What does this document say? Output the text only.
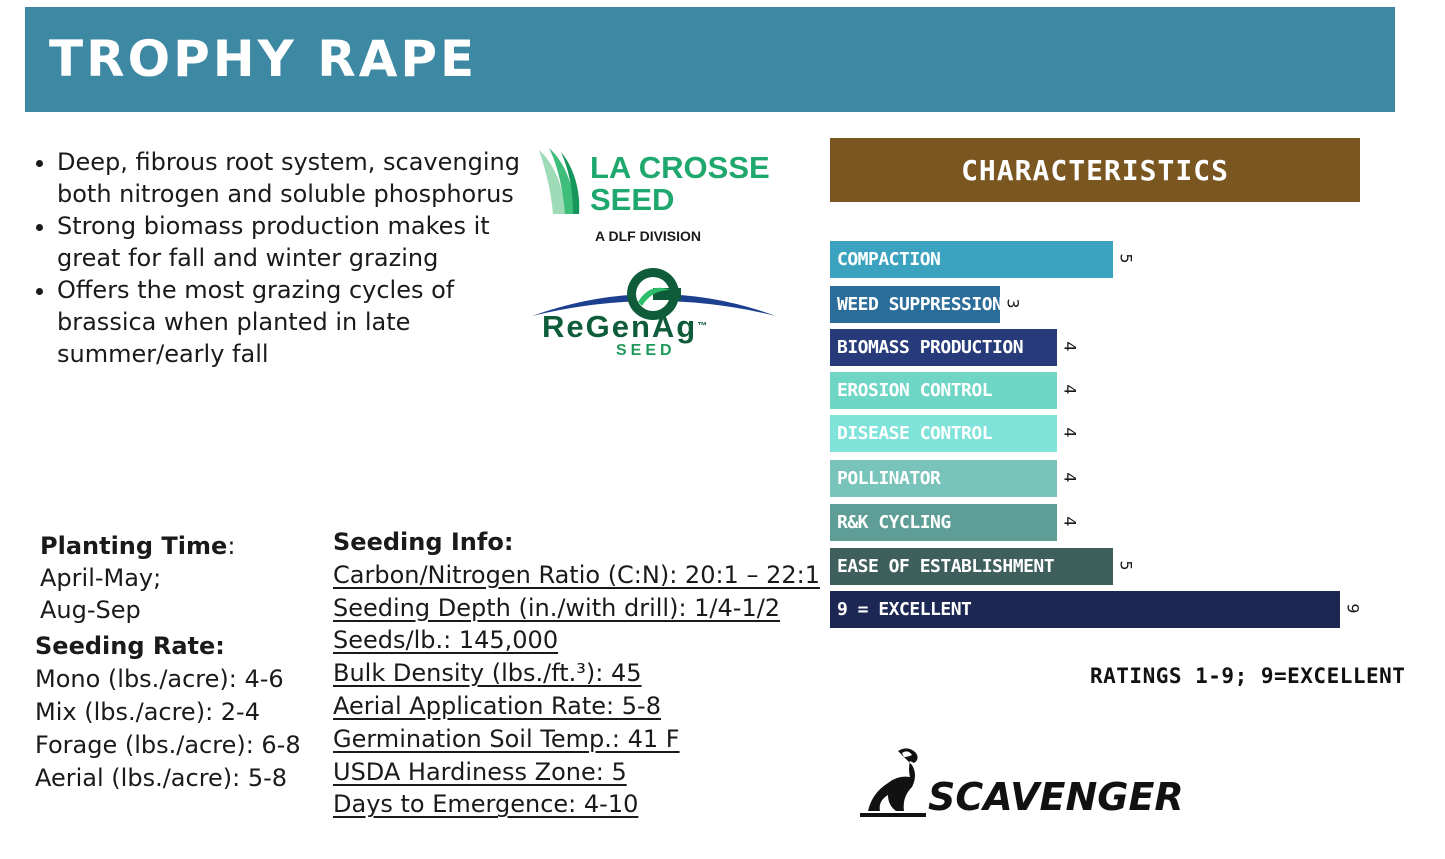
TROPHY RAPE
• Deep, fibrous root system, scavenging both nitrogen and soluble phosphorus
• Strong biomass production makes it great for fall and winter grazing
• Offers the most grazing cycles of brassica when planted in late summer/early fall
LA CROSSE
SEED
A DLF DIVISION
ReGenAg™
SEED
CHARACTERISTICS
COMPACTION	5
WEED SUPPRESSION 3
BIOMASS PRODUCTION 4
EROSION CONTROL	4
DISEASE CONTROL	4
POLLINATOR	4
R&K CYCLING	4
EASE OF ESTABLISHMENT	5
9 = EXCELLENT	9
RATINGS 1-9; 9=EXCELLENT
Planting Time:
April-May;
Aug-Sep
Seeding Rate:
Mono (lbs./acre): 4-6
Mix (lbs./acre): 2-4
Forage (lbs./acre): 6-8
Aerial (lbs./acre): 5-8
Seeding Info:
Carbon/Nitrogen Ratio (C:N): 20:1 – 22:1
Seeding Depth (in./with drill): 1/4-1/2
Seeds/lb.: 145,000
Bulk Density (lbs./ft.³): 45
Aerial Application Rate: 5-8
Germination Soil Temp.: 41 F
USDA Hardiness Zone: 5
Days to Emergence: 4-10	SCAVENGER
